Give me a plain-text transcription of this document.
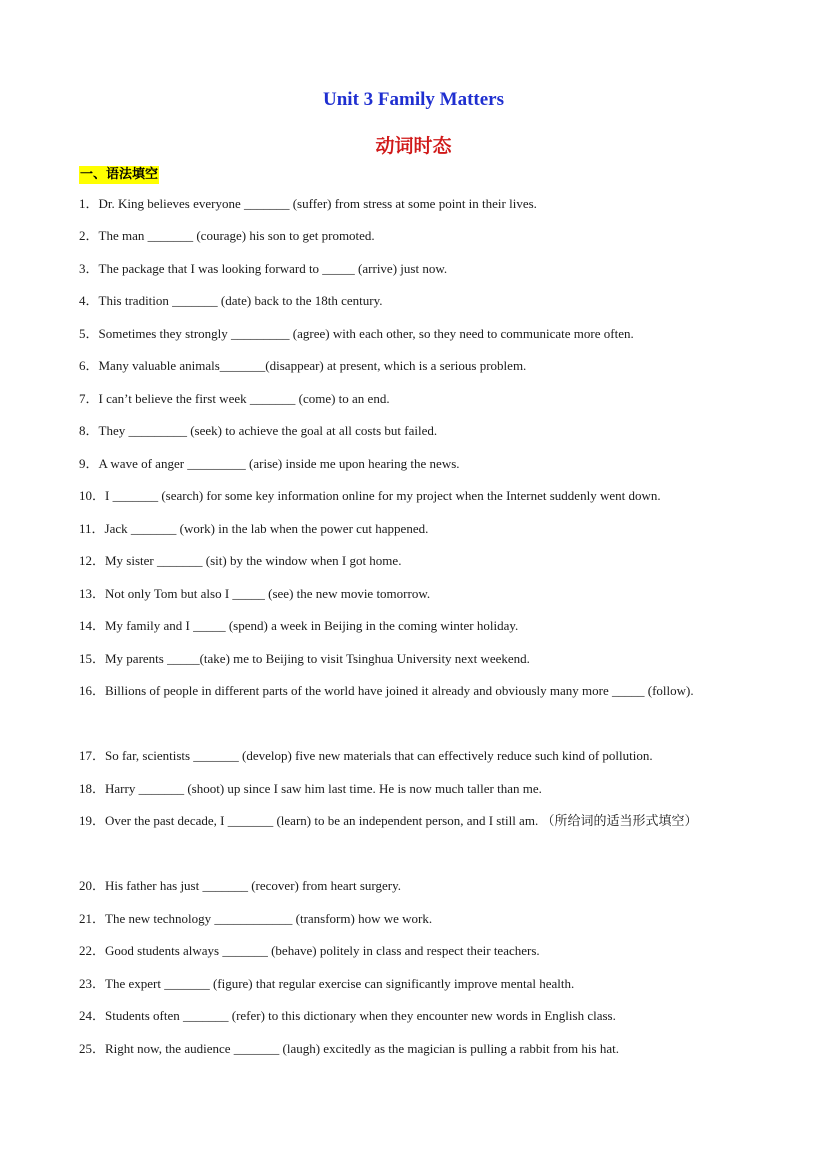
Unit 3 Family Matters
动词时态
一、语法填空
1．Dr. King believes everyone _______ (suffer) from stress at some point in their lives.
2．The man _______ (courage) his son to get promoted.
3．The package that I was looking forward to _____ (arrive) just now.
4．This tradition _______ (date) back to the 18th century.
5．Sometimes they strongly _________ (agree) with each other, so they need to communicate more often.
6．Many valuable animals_______(disappear) at present, which is a serious problem.
7．I can’t believe the first week _______ (come) to an end.
8．They _________ (seek) to achieve the goal at all costs but failed.
9．A wave of anger _________ (arise) inside me upon hearing the news.
10．I _______ (search) for some key information online for my project when the Internet suddenly went down.
11．Jack _______ (work) in the lab when the power cut happened.
12．My sister _______ (sit) by the window when I got home.
13．Not only Tom but also I _____ (see) the new movie tomorrow.
14．My family and I _____ (spend) a week in Beijing in the coming winter holiday.
15．My parents _____(take) me to Beijing to visit Tsinghua University next weekend.
16．Billions of people in different parts of the world have joined it already and obviously many more _____ (follow).
17．So far, scientists _______ (develop) five new materials that can effectively reduce such kind of pollution.
18．Harry _______ (shoot) up since I saw him last time. He is now much taller than me.
19．Over the past decade, I _______ (learn) to be an independent person, and I still am. （所给词的适当形式填空）
20．His father has just _______ (recover) from heart surgery.
21．The new technology ____________ (transform) how we work.
22．Good students always _______ (behave) politely in class and respect their teachers.
23．The expert _______ (figure) that regular exercise can significantly improve mental health.
24．Students often _______ (refer) to this dictionary when they encounter new words in English class.
25．Right now, the audience _______ (laugh) excitedly as the magician is pulling a rabbit from his hat.
